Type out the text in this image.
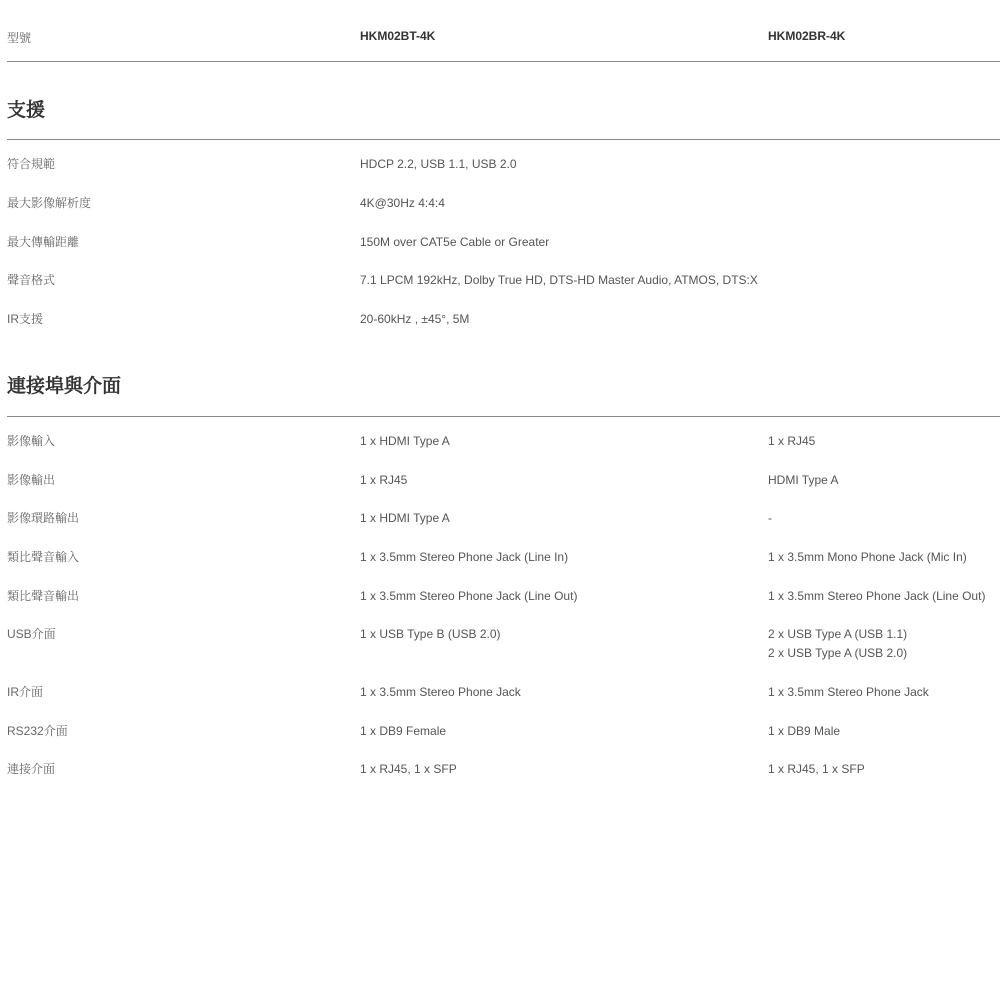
型號	HKM02BT-4K	HKM02BR-4K
支援
符合規範	HDCP 2.2, USB 1.1, USB 2.0
最大影像解析度	4K@30Hz 4:4:4
最大傳輸距離	150M over CAT5e Cable or Greater
聲音格式	7.1 LPCM 192kHz, Dolby True HD, DTS-HD Master Audio, ATMOS, DTS:X
IR支援	20-60kHz , ±45°, 5M
連接埠與介面
影像輸入	1 x HDMI Type A	1 x RJ45
影像輸出	1 x RJ45	HDMI Type A
影像環路輸出	1 x HDMI Type A	-
類比聲音輸入	1 x 3.5mm Stereo Phone Jack (Line In)	1 x 3.5mm Mono Phone Jack (Mic In)
類比聲音輸出	1 x 3.5mm Stereo Phone Jack (Line Out)	1 x 3.5mm Stereo Phone Jack (Line Out)
USB介面	1 x USB Type B (USB 2.0)	2 x USB Type A (USB 1.1)
2 x USB Type A (USB 2.0)
IR介面	1 x 3.5mm Stereo Phone Jack	1 x 3.5mm Stereo Phone Jack
RS232介面	1 x DB9 Female	1 x DB9 Male
連接介面	1 x RJ45, 1 x SFP	1 x RJ45, 1 x SFP
